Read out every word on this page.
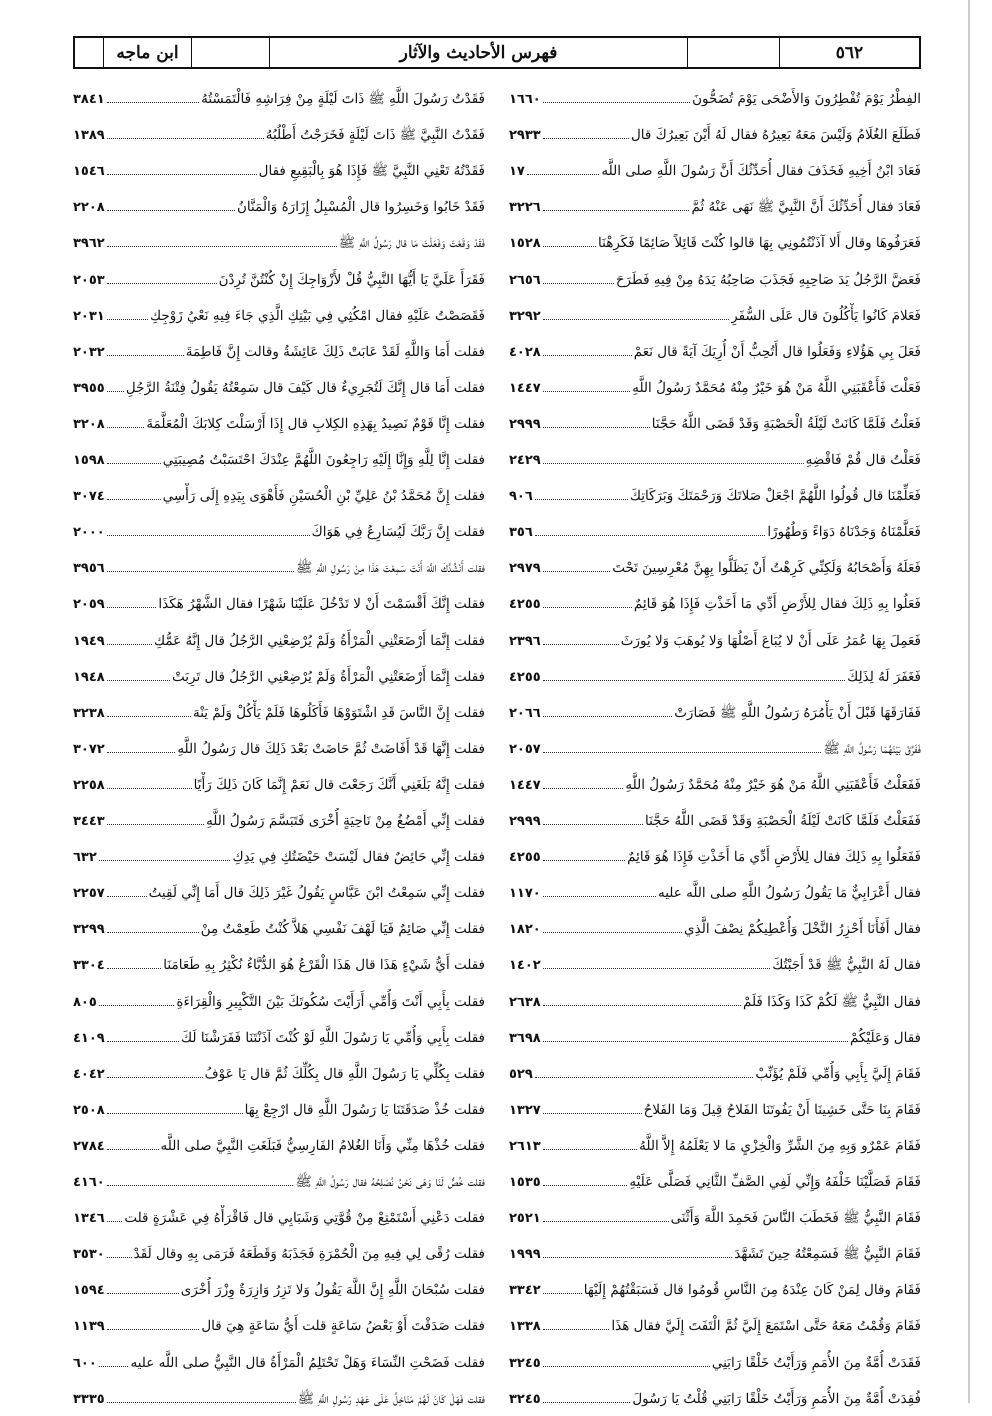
٥٦٢
فهرس الأحاديث والآثار
ابن ماجه
الفِطْرُ يَوْمَ تُفْطِرُونَ وَالأَضْحَى يَوْمَ تُضَحُّونَ
١٦٦٠
فَقَدْتُ رَسُولَ اللَّهِ ﷺ ذَاتَ لَيْلَةٍ مِنْ فِرَاشِهِ فَالْتَمَسْتُهُ
٣٨٤١
فَطَلَعَ الغُلَامُ وَلَيْسَ مَعَهُ بَعِيرُهُ فقال لَهُ أَيْنَ بَعِيرُكَ قال
٢٩٣٣
فَقَدْتُ النَّبِيَّ ﷺ ذَاتَ لَيْلَةٍ فَخَرَجْتُ أَطْلُبُهُ
١٣٨٩
فَعَادَ ابْنُ أَخِيهِ فَخَذَفَ فقال أُحَدِّثُكَ أَنَّ رَسُولَ اللَّهِ صلى اللَّه
١٧
فَقَدْتُهُ تَعْنِي النَّبِيَّ ﷺ فَإِذَا هُوَ بِالْبَقِيعِ فقال
١٥٤٦
فَعَادَ فقال أُحَدِّثُكَ أَنَّ النَّبِيَّ ﷺ نَهَى عَنْهُ ثُمَّ
٣٢٢٦
فَقَدْ خَابُوا وَخَسِرُوا قال الْمُسْبِلُ إِزَارَهُ وَالْمَنَّانُ
٢٢٠٨
فَعَرَفُوهَا وقال أَلا آذَنْتُمُونِي بِهَا قالوا كُنْتَ قَائِلاً صَائِمًا فَكَرِهْنَا
١٥٢٨
فَقَدْ وَقَعْتَ وَفَعَلْتَ مَا قال رَسُولُ اللَّهِ ﷺ
٣٩٦٢
فَعَضَّ الرَّجُلُ يَدَ صَاحِبِهِ فَجَذَبَ صَاحِبُهُ يَدَهُ مِنْ فِيهِ فَطَرَحَ
٢٦٥٦
فَقَرَأَ عَلَيَّ يَا أَيُّهَا النَّبِيُّ قُلْ لأَزْوَاجِكَ إِنْ كُنْتُنَّ تُرِدْنَ
٢٠٥٣
فَعَلامَ كَانُوا يَأْكُلُونَ قال عَلَى السُّفَرِ
٣٢٩٢
فَقَصَصْتُ عَلَيْهِ فقال امْكُثِي فِي بَيْتِكِ الَّذِي جَاءَ فِيهِ نَعْيُ زَوْجِكِ
٢٠٣١
فَعَلَ بِي هَؤُلاءِ وَفَعَلُوا قال أَتُحِبُّ أَنْ أُرِيَكَ آيَةً قال نَعَمْ
٤٠٢٨
فقلت أَمَا وَاللَّهِ لَقَدْ عَابَتْ ذَلِكَ عَائِشَةُ وقالت إِنَّ فَاطِمَةَ
٢٠٣٢
فَعَلْتَ فَأَعْقَبَنِي اللَّهُ مَنْ هُوَ خَيْرٌ مِنْهُ مُحَمَّدٌ رَسُولُ اللَّهِ
١٤٤٧
فقلت أَمَا قال إِنَّكَ لَتُجَرِيءٌ قال كَيْفَ قال سَمِعْتُهُ يَقُولُ فِتْنَةُ الرَّجُلِ
٣٩٥٥
فَعَلْتُ فَلَمَّا كَانَتْ لَيْلَةُ الْحَصْبَةِ وَقَدْ قَضَى اللَّهُ حَجَّنَا
٢٩٩٩
فقلت إِنَّا قَوْمٌ نَصِيدُ بِهَذِهِ الكِلابِ قال إِذَا أَرْسَلْتَ كِلابَكَ الْمُعَلَّمَةَ
٣٢٠٨
فَعَلْتُ قال قُمْ فَاقْضِهِ
٢٤٢٩
فقلت إِنَّا لِلَّهِ وَإِنَّا إِلَيْهِ رَاجِعُونَ اللَّهُمَّ عِنْدَكَ احْتَسَبْتُ مُصِيبَتِي
١٥٩٨
فَعَلِّمْنَا قال قُولُوا اللَّهُمَّ اجْعَلْ صَلاتَكَ وَرَحْمَتَكَ وَبَرَكَاتِكَ
٩٠٦
فقلت إِنَّ مُحَمَّدُ بْنُ عَلِيِّ بْنِ الْحُسَيْنِ فَأَهْوَى بِيَدِهِ إِلَى رَأْسِي
٣٠٧٤
فَعَلَّمْنَاهُ وَجَدْنَاهُ دَوَاءً وَطُهُورًا
٣٥٦
فقلت إِنَّ رَبَّكَ لَيُسَارِعُ فِي هَوَاكَ
٢٠٠٠
فَعَلَهُ وَأَصْحَابُهُ وَلَكِنِّي كَرِهْتُ أَنْ يَظَلُّوا بِهِنَّ مُعْرِسِينَ تَحْتَ
٢٩٧٩
فقلت أَنْشُدُكَ اللَّهَ أَنْتَ سَمِعْتَ هَذَا مِنْ رَسُولِ اللَّهِ ﷺ
٣٩٥٦
فَعَلُوا بِهِ ذَلِكَ فقال لِلأَرْضِ أَدِّي مَا أَخَذْتِ فَإِذَا هُوَ قَائِمٌ
٤٢٥٥
فقلت إِنَّكَ أَقْسَمْتَ أَنْ لا تَدْخُلَ عَلَيْنَا شَهْرًا فقال الشَّهْرُ هَكَذَا
٢٠٥٩
فَعَمِلَ بِهَا عُمَرُ عَلَى أَنْ لا يُبَاعَ أَصْلُهَا وَلا يُوهَبَ وَلا يُورَثَ
٢٣٩٦
فقلت إِنَّمَا أَرْضَعَتْنِي الْمَرْأَةُ وَلَمْ يُرْضِعْنِي الرَّجُلُ قال إِنَّهُ عَمُّكِ
١٩٤٩
فَغَفَرَ لَهُ لِذَلِكَ
٤٢٥٥
فقلت إِنَّمَا أَرْضَعَتْنِي الْمَرْأَةُ وَلَمْ يُرْضِعْنِي الرَّجُلُ قال تَرِبَتْ
١٩٤٨
فَفَارَقَهَا قَبْلَ أَنْ يَأْمُرَهُ رَسُولُ اللَّهِ ﷺ فَصَارَتْ
٢٠٦٦
فقلت إِنَّ النَّاسَ قَدِ اشْتَوَوْهَا فَأَكَلُوهَا فَلَمْ يَأْكُلْ وَلَمْ يَنْهَ
٣٢٣٨
فَفَرَّقَ بَيْنَهُمَا رَسُولُ اللَّهِ ﷺ
٢٠٥٧
فقلت إِنَّهَا قَدْ أَفَاضَتْ ثُمَّ حَاضَتْ بَعْدَ ذَلِكَ قال رَسُولُ اللَّهِ
٣٠٧٢
فَفَعَلْتُ فَأَعْقَبَنِي اللَّهُ مَنْ هُوَ خَيْرٌ مِنْهُ مُحَمَّدٌ رَسُولُ اللَّهِ
١٤٤٧
فقلت إِنَّهُ بَلَغَنِي أَنَّكَ رَجَعْتَ قال نَعَمْ إِنَّمَا كَانَ ذَلِكَ رَأْيًا
٢٢٥٨
فَفَعَلْتُ فَلَمَّا كَانَتْ لَيْلَةُ الْحَصْبَةِ وَقَدْ قَضَى اللَّهُ حَجَّنَا
٢٩٩٩
فقلت إِنِّي أَمْضُغُ مِنْ نَاحِيَةٍ أُخْرَى فَتَبَسَّمَ رَسُولُ اللَّهِ
٣٤٤٣
فَفَعَلُوا بِهِ ذَلِكَ فقال لِلأَرْضِ أَدِّي مَا أَخَذْتِ فَإِذَا هُوَ قَائِمٌ
٤٢٥٥
فقلت إِنِّي حَائِضٌ فقال لَيْسَتْ حَيْضَتُكِ فِي يَدِكِ
٦٣٢
فقال أَعْرَابِيٌّ مَا يَقُولُ رَسُولُ اللَّهِ صلى اللَّه عليه
١١٧٠
فقلت إِنِّي سَمِعْتُ ابْنَ عَبَّاسٍ يَقُولُ غَيْرَ ذَلِكَ قال أَمَا إِنِّي لَقِيتُ
٢٢٥٧
فقال أَفَأَنَا أَحْزِرُ النَّخْلَ وَأُعْطِيكُمْ نِصْفَ الَّذِي
١٨٢٠
فقلت إِنِّي صَائِمٌ فَيَا لَهْفَ نَفْسِي هَلاَّ كُنْتُ طَعِمْتُ مِنْ
٣٢٩٩
فقال لَهُ النَّبِيُّ ﷺ قَدْ أَجَبْتُكَ
١٤٠٢
فقلت أَيُّ شَيْءٍ هَذَا قال هَذَا الْقَرْعُ هُوَ الدُّبَّاءُ نُكْثِرُ بِهِ طَعَامَنَا
٣٣٠٤
فقال النَّبِيُّ ﷺ لَكُمْ كَذَا وَكَذَا فَلَمْ
٢٦٣٨
فقلت بِأَبِي أَنْتَ وَأُمِّي أَرَأَيْتَ سُكُوتَكَ بَيْنَ التَّكْبِيرِ وَالْقِرَاءَةِ
٨٠٥
فقال وَعَلَيْكُمْ
٣٦٩٨
فقلت بِأَبِي وَأُمِّي يَا رَسُولَ اللَّهِ لَوْ كُنْتَ آذَنْتَنَا فَفَرَشْنَا لَكَ
٤١٠٩
فَقَامَ إِلَيَّ بِأَبِي وَأُمِّي فَلَمْ يُؤَنِّبْ
٥٢٩
فقلت بِكُلِّي يَا رَسُولَ اللَّهِ قال بِكُلِّكَ ثُمَّ قال يَا عَوْفُ
٤٠٤٢
فَقَامَ بِنَا حَتَّى خَشِينَا أَنْ يَفُوتَنَا الفَلاحُ قِيلَ وَمَا الفَلاحُ
١٣٢٧
فقلت خُذْ صَدَقَتَنَا يَا رَسُولَ اللَّهِ قال ارْجِعْ بِهَا
٢٥٠٨
فَقَامَ عَمْرٌو وَبِهِ مِنَ الشَّرِّ وَالْخِزْيِ مَا لا يَعْلَمُهُ إِلاَّ اللَّهُ
٢٦١٣
فقلت خُذْهَا مِنِّي وَأَنَا الغُلامُ الفَارِسِيُّ فَبَلَغَتِ النَّبِيَّ صلى اللَّه
٢٧٨٤
فَقَامَ فَصَلَّيْنَا خَلْفَهُ وَإِنِّي لَفِي الصَّفِّ الثَّانِي فَصَلَّى عَلَيْهِ
١٥٣٥
فقلت خُصٌّ لَنَا وَهَى نَحْنُ نُصْلِحُهُ فقال رَسُولُ اللَّهِ ﷺ
٤١٦٠
فَقَامَ النَّبِيُّ ﷺ فَخَطَبَ النَّاسَ فَحَمِدَ اللَّهَ وَأَثْنَى
٢٥٢١
فقلت دَعْنِي أَسْتَمْتِعْ مِنْ قُوَّتِي وَشَبَابِي قال فَاقْرَأْهُ فِي عَشْرَةٍ قلت
١٣٤٦
فَقَامَ النَّبِيُّ ﷺ فَسَمِعْتُهُ حِينَ تَشَهَّدَ
١٩٩٩
فقلت رُقًى لِي فِيهِ مِنَ الْحُمْرَةِ فَجَذَبَهُ وَقَطَعَهُ فَرَمَى بِهِ وقال لَقَدْ
٣٥٣٠
فَقَامَ وقال لِمَنْ كَانَ عِنْدَهُ مِنَ النَّاسِ قُومُوا قال فَسَبَقْتُهُمْ إِلَيْهَا
٣٣٤٢
فقلت سُبْحَانَ اللَّهِ إِنَّ اللَّهَ يَقُولُ وَلا تَزِرُ وَازِرَةٌ وِزْرَ أُخْرَى
١٥٩٤
فَقَامَ وَقُمْتُ مَعَهُ حَتَّى اسْتَمَعَ إِلَيَّ ثُمَّ الْتَفَتَ إِلَيَّ فقال هَذَا
١٣٣٨
فقلت صَدَقْتَ أَوْ بَعْضُ سَاعَةٍ قلت أَيُّ سَاعَةٍ هِيَ قال
١١٣٩
فَقَدَتْ أُمَّةٌ مِنَ الأُمَمِ وَرَأَيْتُ خَلْقًا رَابَنِي
٣٢٤٥
فقلت فَضَحْتِ النِّسَاءَ وَهَلْ تَحْتَلِمُ الْمَرْأَةُ قال النَّبِيُّ صلى اللَّه عليه
٦٠٠
فُقِدَتْ أُمَّةٌ مِنَ الأُمَمِ وَرَأَيْتُ خَلْقًا رَابَنِي قُلْتُ يَا رَسُولَ
٣٢٤٥
فقلت فَهَلْ كَانَ لَهُمْ مَنَاخِلُ عَلَى عَهْدِ رَسُولِ اللَّهِ ﷺ
٣٣٣٥
